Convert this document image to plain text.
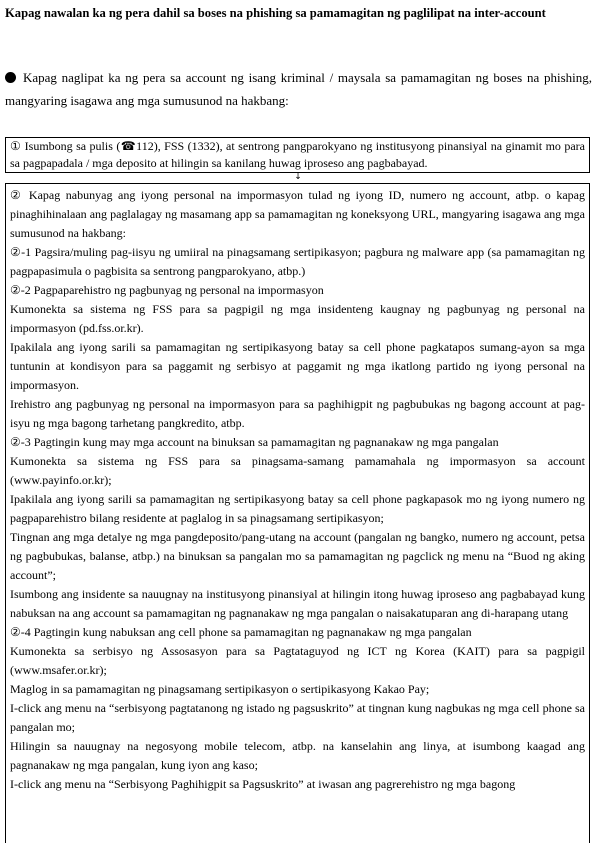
Kapag nawalan ka ng pera dahil sa boses na phishing sa pamamagitan ng paglilipat na inter-account
Kapag naglipat ka ng pera sa account ng isang kriminal / maysala sa pamamagitan ng boses na phishing, mangyaring isagawa ang mga sumusunod na hakbang:
① Isumbong sa pulis (☎112), FSS (1332), at sentrong pangparokyano ng institusyong pinansiyal na ginamit mo para sa pagpapadala / mga deposito at hilingin sa kanilang huwag iproseso ang pagbabayad.
↓

② Kapag nabunyag ang iyong personal na impormasyon tulad ng iyong ID, numero ng account, atbp. o kapag pinaghihinalaan ang paglalagay ng masamang app sa pamamagitan ng koneksyong URL, mangyaring isagawa ang mga sumusunod na hakbang:

②-1 Pagsira/muling pag-iisyu ng umiiral na pinagsamang sertipikasyon; pagbura ng malware app (sa pamamagitan ng pagpapasimula o pagbisita sa sentrong pangparokyano, atbp.)

②-2 Pagpaparehistro ng pagbunyag ng personal na impormasyon

Kumonekta sa sistema ng FSS para sa pagpigil ng mga insidenteng kaugnay ng pagbunyag ng personal na impormasyon (pd.fss.or.kr).

Ipakilala ang iyong sarili sa pamamagitan ng sertipikasyong batay sa cell phone pagkatapos sumang-ayon sa mga tuntunin at kondisyon para sa paggamit ng serbisyo at paggamit ng mga ikatlong partido ng iyong personal na impormasyon.

Irehistro ang pagbunyag ng personal na impormasyon para sa paghihigpit ng pagbubukas ng bagong account at pag-isyu ng mga bagong tarhetang pangkredito, atbp.

②-3 Pagtingin kung may mga account na binuksan sa pamamagitan ng pagnanakaw ng mga pangalan

Kumonekta sa sistema ng FSS para sa pinagsama-samang pamamahala ng impormasyon sa account (www.payinfo.or.kr);

Ipakilala ang iyong sarili sa pamamagitan ng sertipikasyong batay sa cell phone pagkapasok mo ng iyong numero ng pagpaparehistro bilang residente at paglalog in sa pinagsamang sertipikasyon;

Tingnan ang mga detalye ng mga pangdeposito/pang-utang na account (pangalan ng bangko, numero ng account, petsa ng pagbubukas, balanse, atbp.) na binuksan sa pangalan mo sa pamamagitan ng pagclick ng menu na “Buod ng aking account”;

Isumbong ang insidente sa nauugnay na institusyong pinansiyal at hilingin itong huwag iproseso ang pagbabayad kung nabuksan na ang account sa pamamagitan ng pagnanakaw ng mga pangalan o naisakatuparan ang di-harapang utang

②-4 Pagtingin kung nabuksan ang cell phone sa pamamagitan ng pagnanakaw ng mga pangalan

Kumonekta sa serbisyo ng Assosasyon para sa Pagtataguyod ng ICT ng Korea (KAIT) para sa pagpigil (www.msafer.or.kr);

Maglog in sa pamamagitan ng pinagsamang sertipikasyon o sertipikasyong Kakao Pay;

I-click ang menu na “serbisyong pagtatanong ng istado ng pagsuskrito” at tingnan kung nagbukas ng mga cell phone sa pangalan mo;

Hilingin sa nauugnay na negosyong mobile telecom, atbp. na kanselahin ang linya, at isumbong kaagad ang pagnanakaw ng mga pangalan, kung iyon ang kaso;

I-click ang menu na “Serbisyong Paghihigpit sa Pagsuskrito” at iwasan ang pagrerehistro ng mga bagong
